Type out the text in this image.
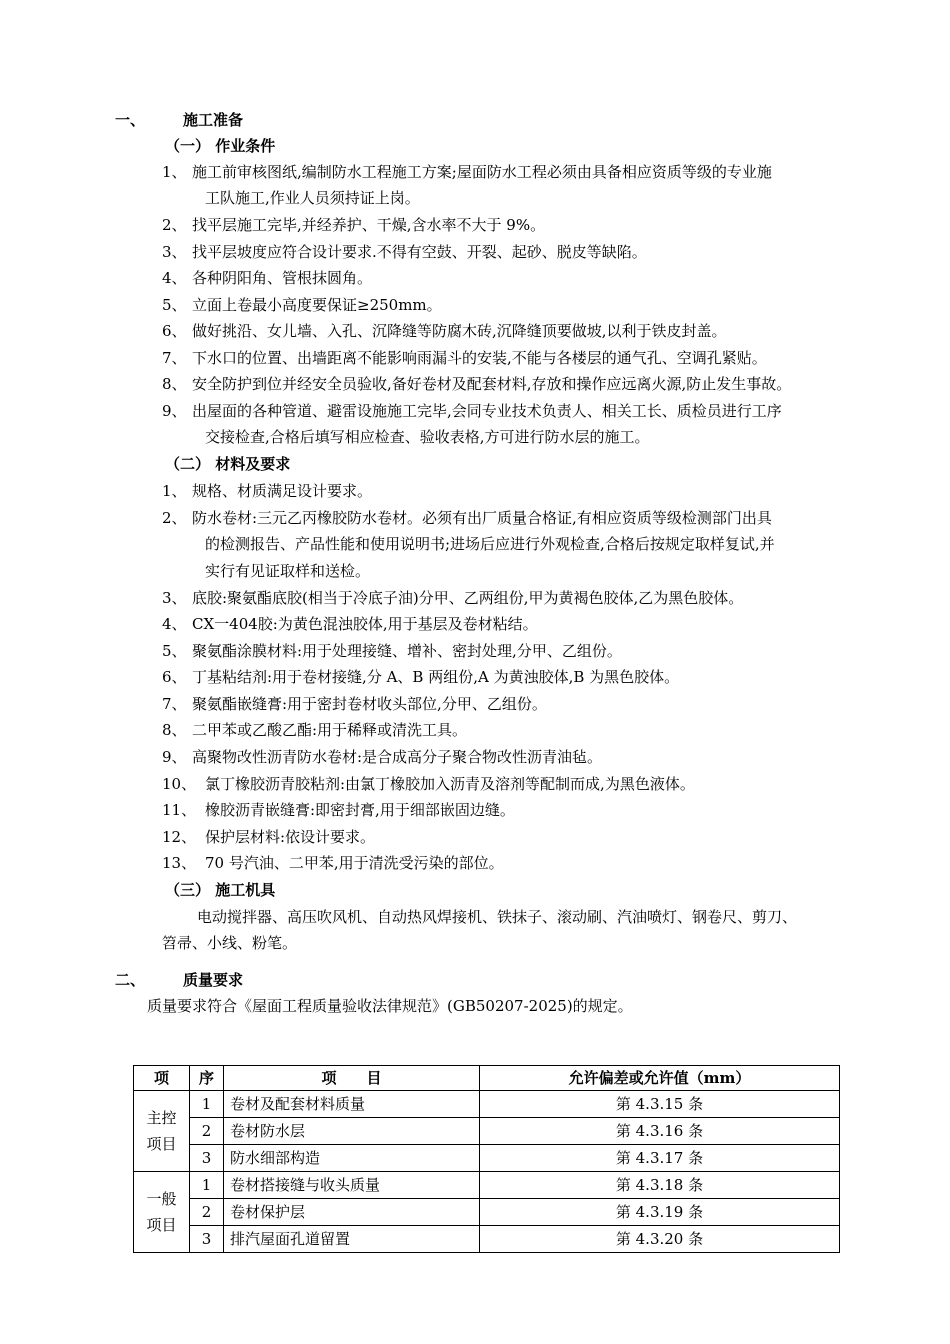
一、	施工准备
（一） 作业条件
1、 施工前审核图纸,编制防水工程施工方案;屋面防水工程必须由具备相应资质等级的专业施
工队施工,作业人员须持证上岗。
2、 找平层施工完毕,并经养护、干燥,含水率不大于 9%。
3、 找平层坡度应符合设计要求.不得有空鼓、开裂、起砂、脱皮等缺陷。
4、 各种阴阳角、管根抹圆角。
5、 立面上卷最小高度要保证≥250mm。
6、 做好挑沿、女儿墙、入孔、沉降缝等防腐木砖,沉降缝顶要做坡,以利于铁皮封盖。
7、 下水口的位置、出墙距离不能影响雨漏斗的安装,不能与各楼层的通气孔、空调孔紧贴。
8、 安全防护到位并经安全员验收,备好卷材及配套材料,存放和操作应远离火源,防止发生事故。
9、 出屋面的各种管道、避雷设施施工完毕,会同专业技术负责人、相关工长、质检员进行工序
交接检查,合格后填写相应检查、验收表格,方可进行防水层的施工。
（二） 材料及要求
1、 规格、材质满足设计要求。
2、 防水卷材:三元乙丙橡胶防水卷材。必须有出厂质量合格证,有相应资质等级检测部门出具
的检测报告、产品性能和使用说明书;进场后应进行外观检查,合格后按规定取样复试,并
实行有见证取样和送检。
3、 底胶:聚氨酯底胶(相当于冷底子油)分甲、乙两组份,甲为黄褐色胶体,乙为黑色胶体。
4、 CX一404胶:为黄色混浊胶体,用于基层及卷材粘结。
5、 聚氨酯涂膜材料:用于处理接缝、增补、密封处理,分甲、乙组份。
6、 丁基粘结剂:用于卷材接缝,分 A、B 两组份,A 为黄浊胶体,B 为黑色胶体。
7、 聚氨酯嵌缝膏:用于密封卷材收头部位,分甲、乙组份。
8、 二甲苯或乙酸乙酯:用于稀释或清洗工具。
9、 高聚物改性沥青防水卷材:是合成高分子聚合物改性沥青油毡。
10、 氯丁橡胶沥青胶粘剂:由氯丁橡胶加入沥青及溶剂等配制而成,为黑色液体。
11、 橡胶沥青嵌缝膏:即密封膏,用于细部嵌固边缝。
12、 保护层材料:依设计要求。
13、 70 号汽油、二甲苯,用于清洗受污染的部位。
（三） 施工机具
电动搅拌器、高压吹风机、自动热风焊接机、铁抹子、滚动刷、汽油喷灯、钢卷尺、剪刀、
笤帚、小线、粉笔。
二、	质量要求
质量要求符合《屋面工程质量验收法律规范》(GB50207-2025)的规定。
项	序	项　　目	允许偏差或允许值（mm）

主控
项目	1	卷材及配套材料质量	第 4.3.15 条
	2	卷材防水层	第 4.3.16 条
	3	防水细部构造	第 4.3.17 条

一般
项目	1	卷材搭接缝与收头质量	第 4.3.18 条
	2	卷材保护层	第 4.3.19 条
	3	排汽屋面孔道留置	第 4.3.20 条
